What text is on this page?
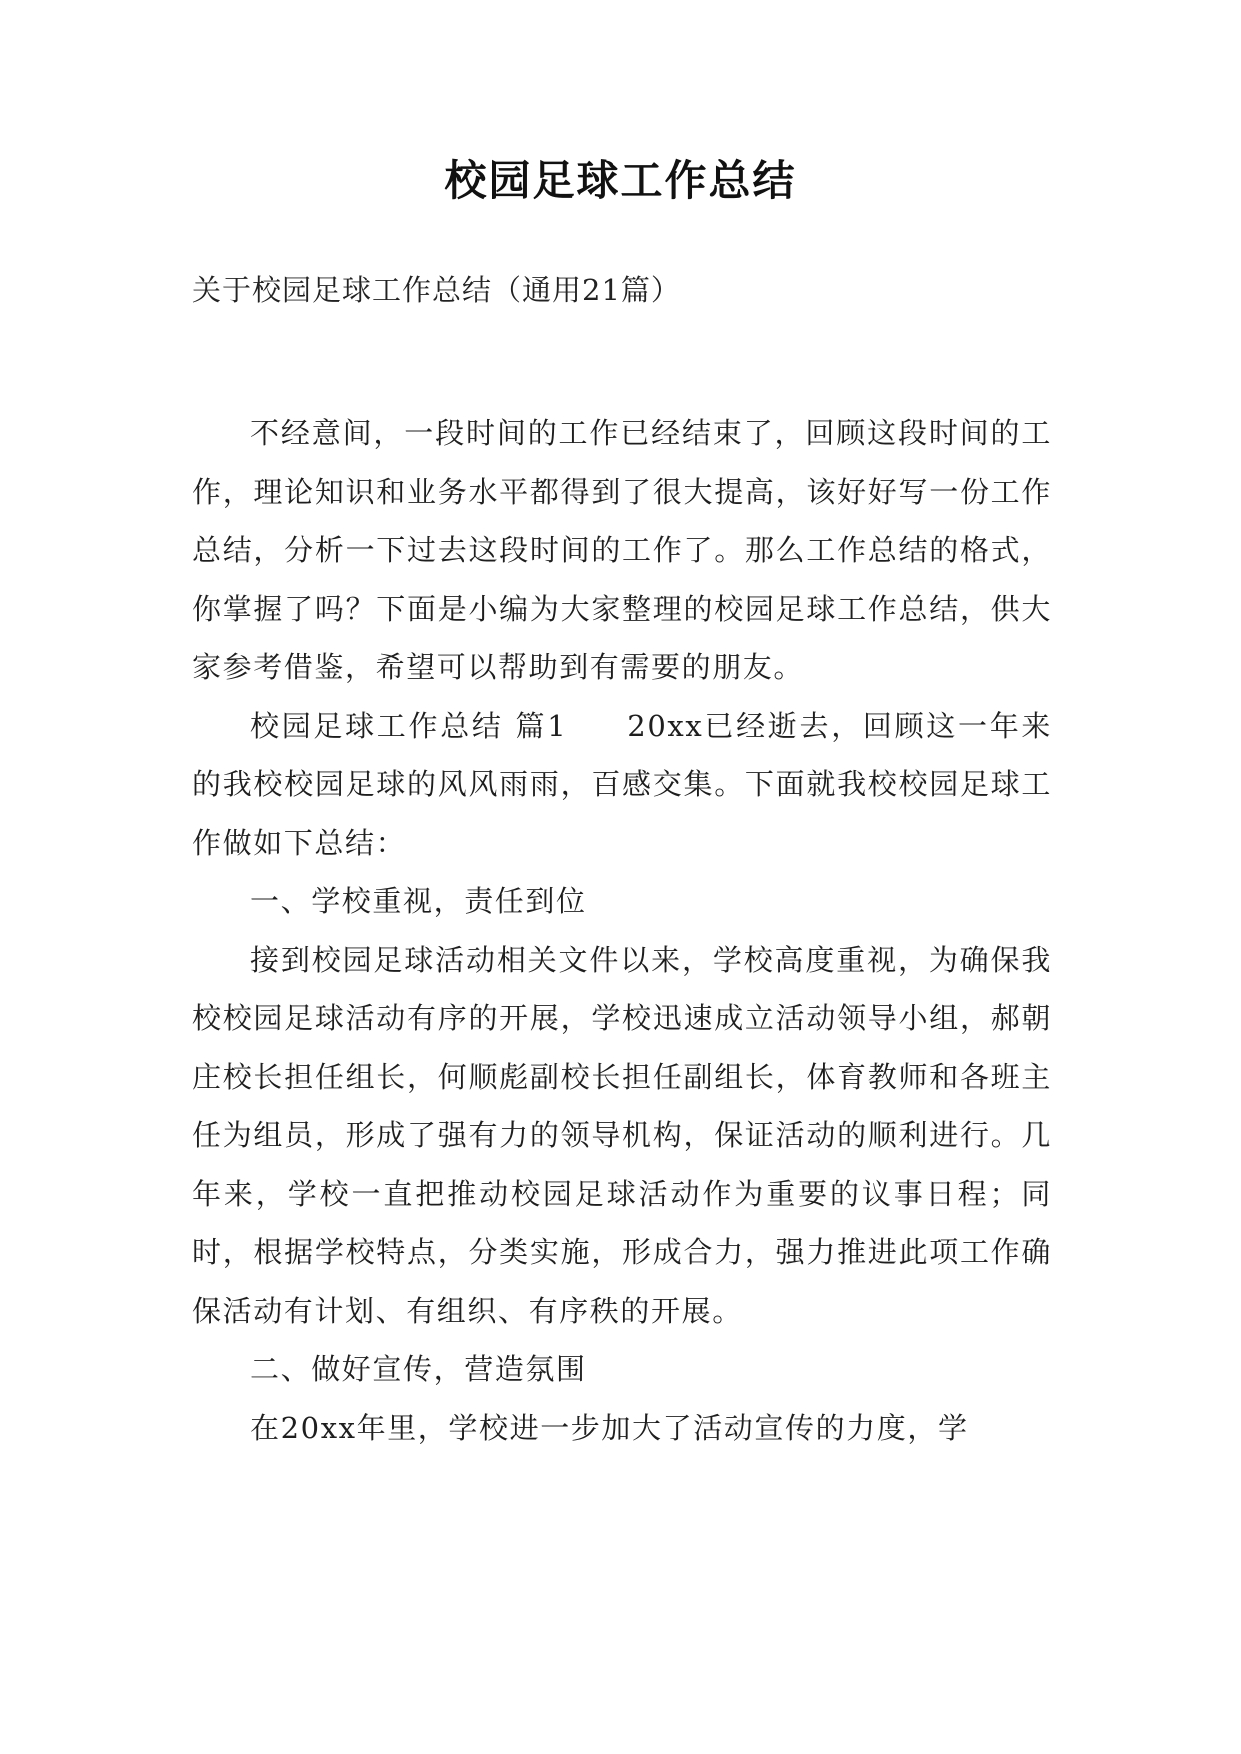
校园足球工作总结
关于校园足球工作总结（通用21篇）

不经意间，一段时间的工作已经结束了，回顾这段时间的工作，理论知识和业务水平都得到了很大提高，该好好写一份工作总结，分析一下过去这段时间的工作了。那么工作总结的格式，你掌握了吗？下面是小编为大家整理的校园足球工作总结，供大家参考借鉴，希望可以帮助到有需要的朋友。

校园足球工作总结 篇1 20xx已经逝去，回顾这一年来的我校校园足球的风风雨雨，百感交集。下面就我校校园足球工作做如下总结：

一、学校重视，责任到位

接到校园足球活动相关文件以来，学校高度重视，为确保我校校园足球活动有序的开展，学校迅速成立活动领导小组，郝朝庄校长担任组长，何顺彪副校长担任副组长，体育教师和各班主任为组员，形成了强有力的领导机构，保证活动的顺利进行。几年来，学校一直把推动校园足球活动作为重要的议事日程；同时，根据学校特点，分类实施，形成合力，强力推进此项工作确保活动有计划、有组织、有序秩的开展。

二、做好宣传，营造氛围

在20xx年里，学校进一步加大了活动宣传的力度，学
